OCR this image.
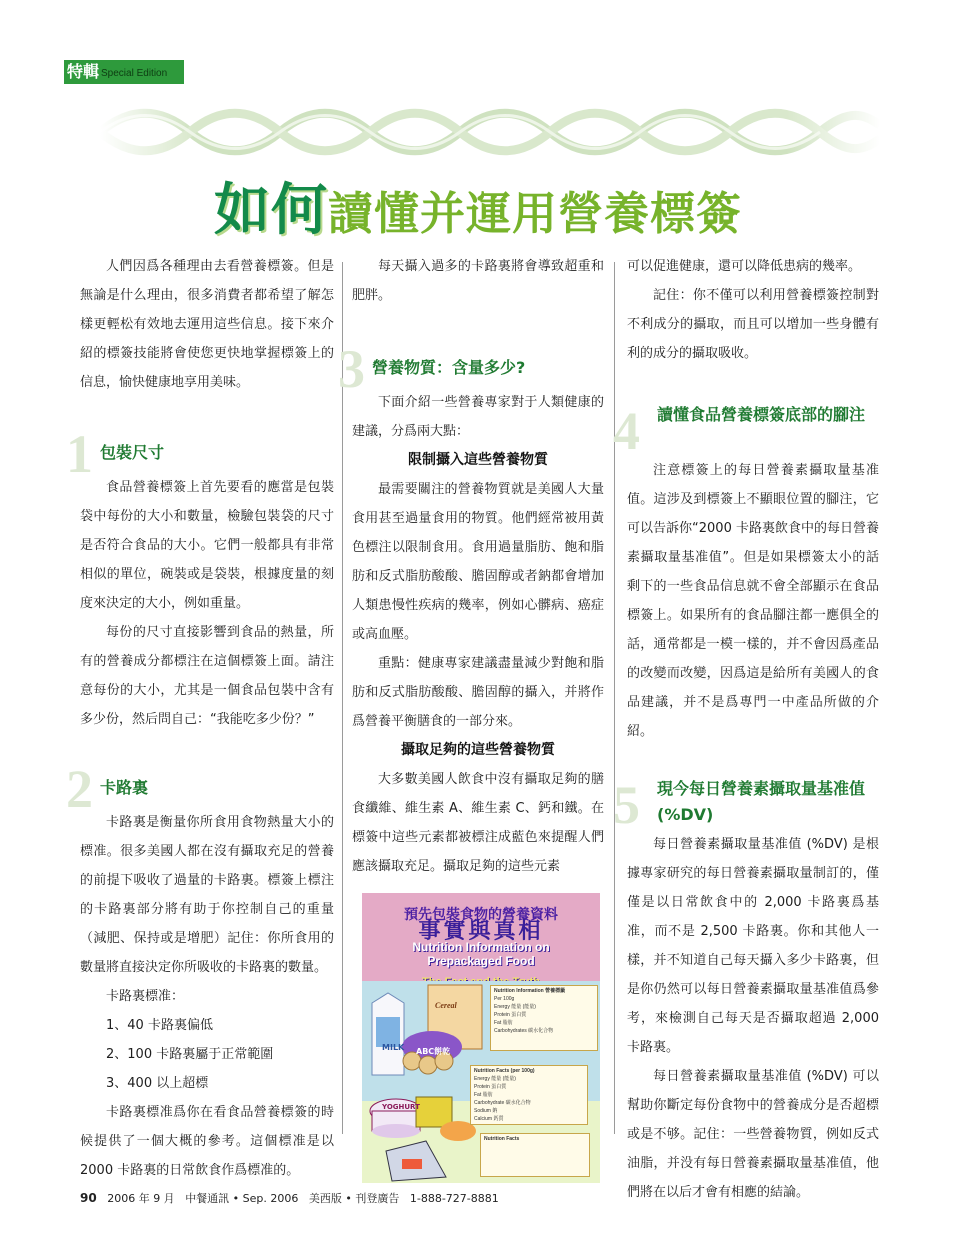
特輯 Special Edition
如何讀懂并運用營養標簽

人們因爲各種理由去看營養標簽。但是無論是什么理由，很多消費者都希望了解怎樣更輕松有效地去運用這些信息。接下來介紹的標簽技能將會使您更快地掌握標簽上的信息，愉快健康地享用美味。

1 包裝尺寸

食品營養標簽上首先要看的應當是包裝袋中每份的大小和數量，檢驗包裝袋的尺寸是否符合食品的大小。它們一般都具有非常相似的單位，碗裝或是袋裝，根據度量的刻度來決定的大小，例如重量。

每份的尺寸直接影響到食品的熱量，所有的營養成分都標注在這個標簽上面。請注意每份的大小，尤其是一個食品包裝中含有多少份，然后問自己：“我能吃多少份？”

2 卡路裏

卡路裏是衡量你所食用食物熱量大小的標准。很多美國人都在沒有攝取充足的營養的前提下吸收了過量的卡路裏。標簽上標注的卡路裏部分將有助于你控制自己的重量（減肥、保持或是增肥）記住：你所食用的數量將直接決定你所吸收的卡路裏的數量。

卡路裏標准：

1、40 卡路裏偏低

2、100 卡路裏屬于正常範圍

3、400 以上超標

卡路裏標准爲你在看食品營養標簽的時候提供了一個大概的參考。這個標准是以 2000 卡路裏的日常飲食作爲標准的。

每天攝入過多的卡路裏將會導致超重和肥胖。

3 營養物質：含量多少?

下面介紹一些營養專家對于人類健康的建議，分爲兩大點：

限制攝入這些營養物質

最需要關注的營養物質就是美國人大量食用甚至過量食用的物質。他們經常被用黃色標注以限制食用。食用過量脂肪、飽和脂肪和反式脂肪酸酸、膽固醇或者鈉都會增加人類患慢性疾病的幾率，例如心髒病、癌症或高血壓。

重點：健康專家建議盡量減少對飽和脂肪和反式脂肪酸酸、膽固醇的攝入，并將作爲營養平衡膳食的一部分來。

攝取足夠的這些營養物質

大多數美國人飲食中沒有攝取足夠的膳食纖維、維生素 A、維生素 C、鈣和鐵。在標簽中這些元素都被標注成藍色來提醒人們應該攝取充足。攝取足夠的這些元素

預先包裝食物的營養資料
事實與真相
Nutrition Information on
Prepackaged Food
Cereal
MILK ABC餅乾
YOGHURT
Nutrition Information 營養標籤
Per 100g
Energy 能量 (能量)
Protein 蛋白質
Fat 脂肪
Carbohydrates 碳水化合物
Nutrition Facts (per 100g)
Energy 能量 (能量)
Protein 蛋白質
Fat 脂肪
Carbohydrate 碳水化合物
Sodium 鈉
Calcium 鈣質
Nutrition Facts

可以促進健康，還可以降低患病的幾率。

記住：你不僅可以利用營養標簽控制對不利成分的攝取，而且可以增加一些身體有利的成分的攝取吸收。

4	讀懂食品營養標簽底部的腳注

注意標簽上的每日營養素攝取量基准值。這涉及到標簽上不顯眼位置的腳注，它可以告訴你“2000 卡路裏飲食中的每日營養素攝取量基准值”。但是如果標簽太小的話剩下的一些食品信息就不會全部顯示在食品標簽上。如果所有的食品腳注都一應俱全的話，通常都是一模一樣的，并不會因爲產品的改變而改變，因爲這是給所有美國人的食品建議，并不是爲專門一中產品所做的介紹。

5	現今每日營養素攝取量基准值 (%DV)

每日營養素攝取量基准值 (%DV) 是根據專家研究的每日營養素攝取量制訂的，僅僅是以日常飲食中的 2,000 卡路裏爲基准，而不是 2,500 卡路裏。你和其他人一樣，并不知道自己每天攝入多少卡路裏，但是你仍然可以每日營養素攝取量基准值爲參考，來檢測自己每天是否攝取超過 2,000 卡路裏。

每日營養素攝取量基准值 (%DV) 可以幫助你斷定每份食物中的營養成分是否超標或是不够。記住：一些營養物質，例如反式油脂，并没有每日營養素攝取量基准值，他們將在以后才會有相應的結論。

90 2006 年 9 月 中餐通訊 • Sep. 2006 美西版 • 刊登廣告 1-888-727-8881
